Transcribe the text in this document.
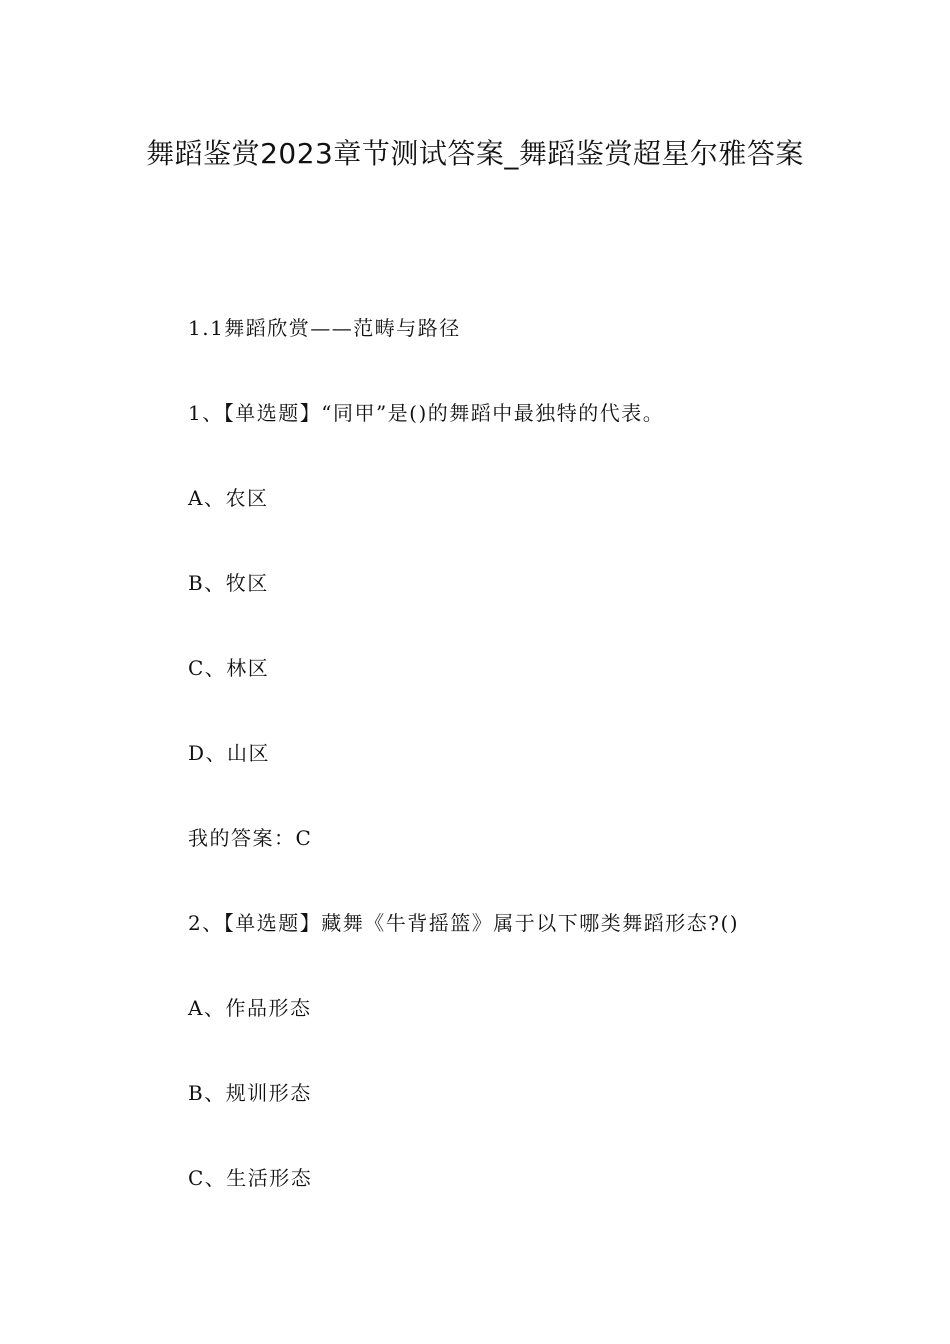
舞蹈鉴赏2023章节测试答案_舞蹈鉴赏超星尔雅答案
1.1舞蹈欣赏——范畴与路径
1、【单选题】“同甲”是()的舞蹈中最独特的代表。
A、农区
B、牧区
C、林区
D、山区
我的答案：C
2、【单选题】藏舞《牛背摇篮》属于以下哪类舞蹈形态?()
A、作品形态
B、规训形态
C、生活形态
